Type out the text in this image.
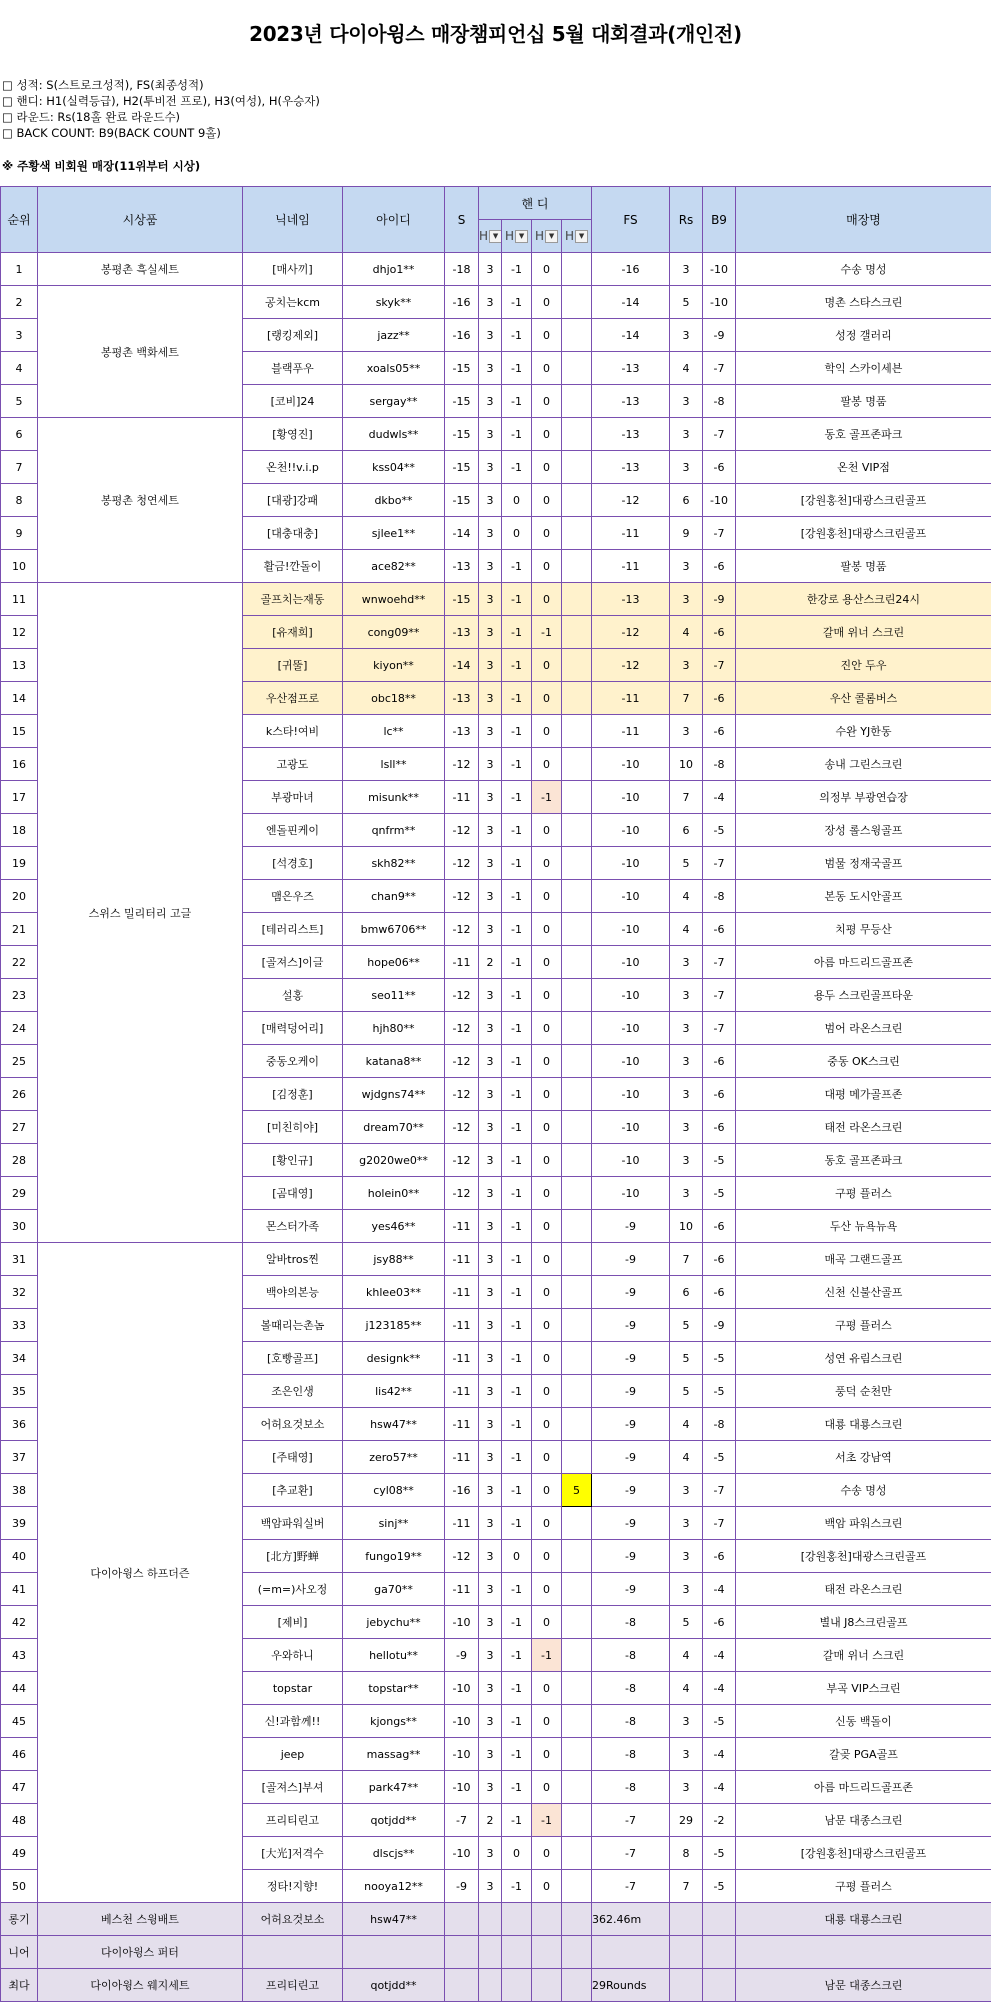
2023년 다이아윙스 매장챔피언십 5월 대회결과(개인전)
□ 성적: S(스트로크성적), FS(최종성적)
□ 핸디: H1(실력등급), H2(투비전 프로), H3(여성), H(우승자)
□ 라운드: Rs(18홀 완료 라운드수)
□ BACK COUNT: B9(BACK COUNT 9홀)
※ 주황색 비회원 매장(11위부터 시상)
순위	시상품	닉네임	아이디	S	핸 디				FS	Rs	B9	매장명
					H ▼	H ▼	H ▼	H ▼				
1	봉평촌 흑실세트	[매사끼]	dhjo1**	-18	3	-1	0		-16	3	-10	수송 명성
2	봉평촌 백화세트	공치는kcm	skyk**	-16	3	-1	0		-14	5	-10	명촌 스타스크린
3		[랭킹제외]	jazz**	-16	3	-1	0		-14	3	-9	성정 갤러리
4		블랙푸우	xoals05**	-15	3	-1	0		-13	4	-7	학익 스카이세븐
5		[코비]24	sergay**	-15	3	-1	0		-13	3	-8	팔봉 명품
6	봉평촌 청연세트	[황영진]	dudwls**	-15	3	-1	0		-13	3	-7	동호 골프존파크
7		온천!!v.i.p	kss04**	-15	3	-1	0		-13	3	-6	온천 VIP점
8		[대광]강패	dkbo**	-15	3	0	0		-12	6	-10	[강원홍천]대광스크린골프
9		[대충대충]	sjlee1**	-14	3	0	0		-11	9	-7	[강원홍천]대광스크린골프
10		활금!깐돌이	ace82**	-13	3	-1	0		-11	3	-6	팔봉 명품
11	스위스 밀리터리 고글	골프치는재동	wnwoehd**	-15	3	-1	0		-13	3	-9	한강로 용산스크린24시
12		[유재희]	cong09**	-13	3	-1	-1		-12	4	-6	갈매 위너 스크린
13		[귀뚤]	kiyon**	-14	3	-1	0		-12	3	-7	진안 두우
14		우산점프로	obc18**	-13	3	-1	0		-11	7	-6	우산 콜롬버스
15		k스타!여비	lc**	-13	3	-1	0		-11	3	-6	수완 YJ한동
16		고광도	lsll**	-12	3	-1	0		-10	10	-8	송내 그린스크린
17		부광마녀	misunk**	-11	3	-1	-1		-10	7	-4	의정부 부광연습장
18		엔돌핀케이	qnfrm**	-12	3	-1	0		-10	6	-5	장성 롤스윙골프
19		[석경호]	skh82**	-12	3	-1	0		-10	5	-7	범물 정재국골프
20		맴은우즈	chan9**	-12	3	-1	0		-10	4	-8	본동 도시안골프
21		[테러리스트]	bmw6706**	-12	3	-1	0		-10	4	-6	치평 무등산
22		[골져스]이글	hope06**	-11	2	-1	0		-10	3	-7	아름 마드리드골프존
23		설홍	seo11**	-12	3	-1	0		-10	3	-7	용두 스크린골프타운
24		[매력덩어리]	hjh80**	-12	3	-1	0		-10	3	-7	범어 라온스크린
25		중동오케이	katana8**	-12	3	-1	0		-10	3	-6	중동 OK스크린
26		[김정훈]	wjdgns74**	-12	3	-1	0		-10	3	-6	대평 메가골프존
27		[미친히야]	dream70**	-12	3	-1	0		-10	3	-6	태전 라온스크린
28		[황인규]	g2020we0**	-12	3	-1	0		-10	3	-5	동호 골프존파크
29		[곰대영]	holein0**	-12	3	-1	0		-10	3	-5	구평 플러스
30		몬스터가족	yes46**	-11	3	-1	0		-9	10	-6	두산 뉴욕뉴욕
31	다이아윙스 하프더즌	알바tros찐	jsy88**	-11	3	-1	0		-9	7	-6	매곡 그랜드골프
32		백야의본능	khlee03**	-11	3	-1	0		-9	6	-6	신천 신불산골프
33		볼때리는촌놈	j123185**	-11	3	-1	0		-9	5	-9	구평 플러스
34		[호빵골프]	designk**	-11	3	-1	0		-9	5	-5	성연 유림스크린
35		조은인생	lis42**	-11	3	-1	0		-9	5	-5	풍덕 순천만
36		어허요것보소	hsw47**	-11	3	-1	0		-9	4	-8	대룡 대룡스크린
37		[주태영]	zero57**	-11	3	-1	0		-9	4	-5	서초 강남역
38		[추교환]	cyl08**	-16	3	-1	0	5	-9	3	-7	수송 명성
39		백암파워실버	sinj**	-11	3	-1	0		-9	3	-7	백암 파워스크린
40		[北方]野蝉	fungo19**	-12	3	0	0		-9	3	-6	[강원홍천]대광스크린골프
41		(=m=)사오정	ga70**	-11	3	-1	0		-9	3	-4	태전 라온스크린
42		[제비]	jebychu**	-10	3	-1	0		-8	5	-6	별내 J8스크린골프
43		우와하니	hellotu**	-9	3	-1	-1		-8	4	-4	갈매 위너 스크린
44		topstar	topstar**	-10	3	-1	0		-8	4	-4	부곡 VIP스크린
45		신!과함께!!	kjongs**	-10	3	-1	0		-8	3	-5	신동 백돌이
46		jeep	massag**	-10	3	-1	0		-8	3	-4	갈곶 PGA골프
47		[골져스]부셔	park47**	-10	3	-1	0		-8	3	-4	아름 마드리드골프존
48		프리티린고	qotjdd**	-7	2	-1	-1		-7	29	-2	남문 대종스크린
49		[大光]저격수	dlscjs**	-10	3	0	0		-7	8	-5	[강원홍천]대광스크린골프
50		정타!지향!	nooya12**	-9	3	-1	0		-7	7	-5	구평 플러스
롱기	베스천 스윙배트	어허요것보소	hsw47**						362.46m			대룡 대룡스크린
니어	다이아윙스 퍼터											
최다	다이아윙스 웨지세트	프리티린고	qotjdd**						29Rounds			남문 대종스크린
